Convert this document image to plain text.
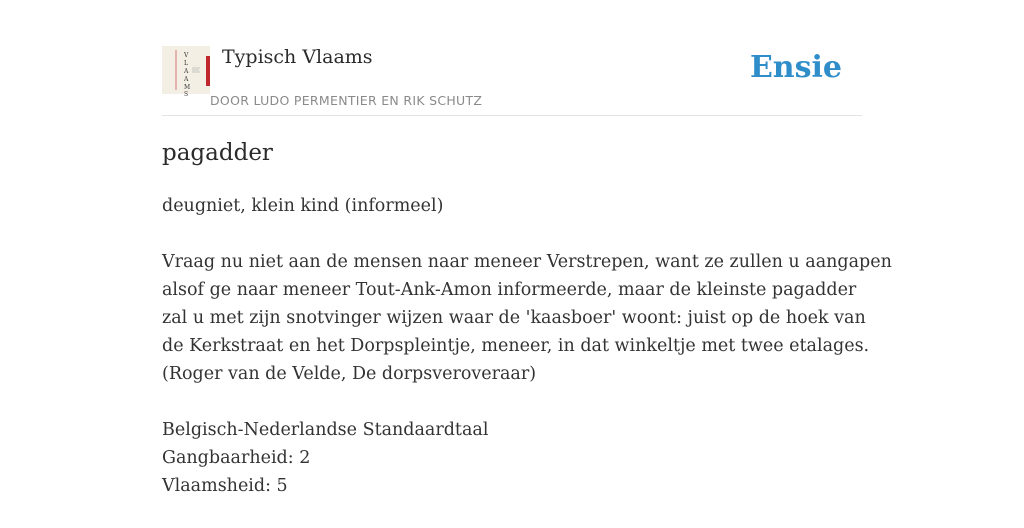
V
L
A
A
M
S
Typisch Vlaams
DOOR LUDO PERMENTIER EN RIK SCHUTZ
Ensie
pagadder

deugniet, klein kind (informeel)

Vraag nu niet aan de mensen naar meneer Verstrepen, want ze zullen u aangapen
alsof ge naar meneer Tout-Ank-Amon informeerde, maar de kleinste pagadder
zal u met zijn snotvinger wijzen waar de 'kaasboer' woont: juist op de hoek van
de Kerkstraat en het Dorpspleintje, meneer, in dat winkeltje met twee etalages.
(Roger van de Velde, De dorpsveroveraar)

Belgisch-Nederlandse Standaardtaal
Gangbaarheid: 2
Vlaamsheid: 5
